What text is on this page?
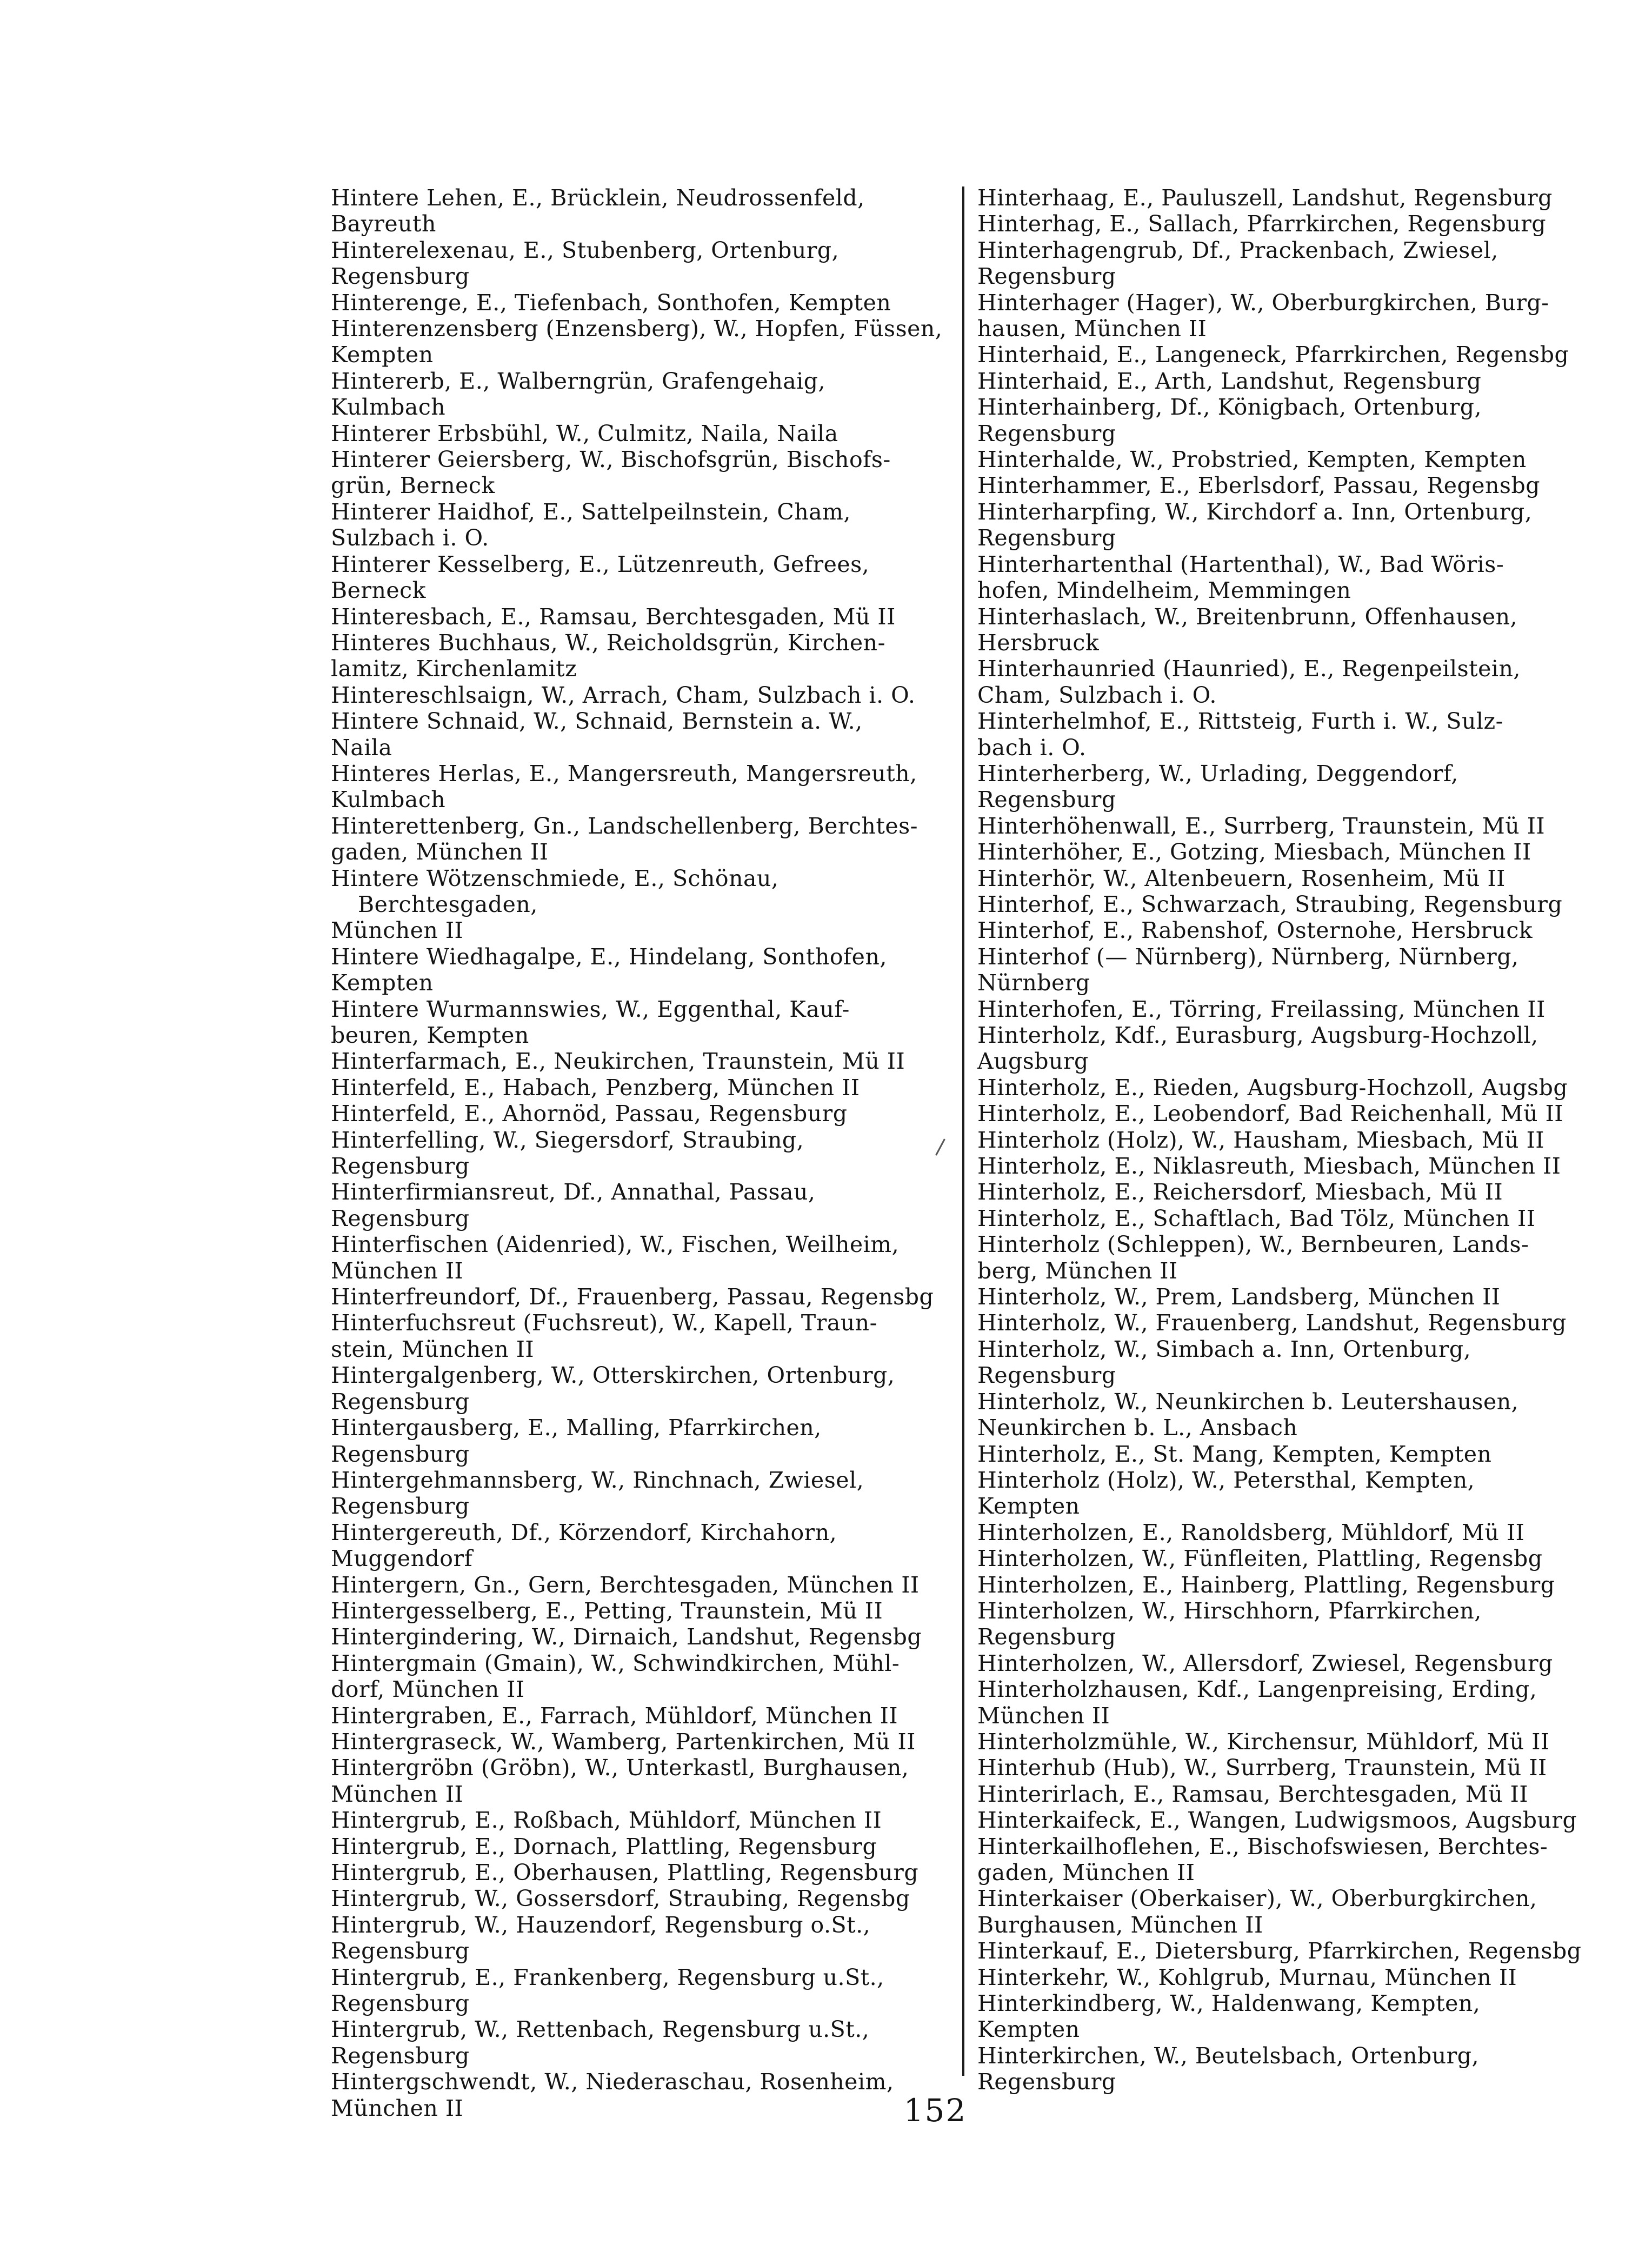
Hintere Lehen, E., Brücklein, Neudrossenfeld,
Bayreuth
Hinterelexenau, E., Stubenberg, Ortenburg,
Regensburg
Hinterenge, E., Tiefenbach, Sonthofen, Kempten
Hinterenzensberg (Enzensberg), W., Hopfen, Füssen,
Kempten
Hintererb, E., Walberngrün, Grafengehaig,
Kulmbach
Hinterer Erbsbühl, W., Culmitz, Naila, Naila
Hinterer Geiersberg, W., Bischofsgrün, Bischofs-
grün, Berneck
Hinterer Haidhof, E., Sattelpeilnstein, Cham,
Sulzbach i. O.
Hinterer Kesselberg, E., Lützenreuth, Gefrees,
Berneck
Hinteresbach, E., Ramsau, Berchtesgaden, Mü II
Hinteres Buchhaus, W., Reicholdsgrün, Kirchen-
lamitz, Kirchenlamitz
Hintereschlsaign, W., Arrach, Cham, Sulzbach i. O.
Hintere Schnaid, W., Schnaid, Bernstein a. W.,
Naila
Hinteres Herlas, E., Mangersreuth, Mangersreuth,
Kulmbach
Hinterettenberg, Gn., Landschellenberg, Berchtes-
gaden, München II
Hintere Wötzenschmiede, E., Schönau, Berchtesgaden,
München II
Hintere Wiedhagalpe, E., Hindelang, Sonthofen,
Kempten
Hintere Wurmannswies, W., Eggenthal, Kauf-
beuren, Kempten
Hinterfarmach, E., Neukirchen, Traunstein, Mü II
Hinterfeld, E., Habach, Penzberg, München II
Hinterfeld, E., Ahornöd, Passau, Regensburg
Hinterfelling, W., Siegersdorf, Straubing,
Regensburg
Hinterfirmiansreut, Df., Annathal, Passau,
Regensburg
Hinterfischen (Aidenried), W., Fischen, Weilheim,
München II
Hinterfreundorf, Df., Frauenberg, Passau, Regensbg
Hinterfuchsreut (Fuchsreut), W., Kapell, Traun-
stein, München II
Hintergalgenberg, W., Otterskirchen, Ortenburg,
Regensburg
Hintergausberg, E., Malling, Pfarrkirchen,
Regensburg
Hintergehmannsberg, W., Rinchnach, Zwiesel,
Regensburg
Hintergereuth, Df., Körzendorf, Kirchahorn,
Muggendorf
Hintergern, Gn., Gern, Berchtesgaden, München II
Hintergesselberg, E., Petting, Traunstein, Mü II
Hintergindering, W., Dirnaich, Landshut, Regensbg
Hintergmain (Gmain), W., Schwindkirchen, Mühl-
dorf, München II
Hintergraben, E., Farrach, Mühldorf, München II
Hintergraseck, W., Wamberg, Partenkirchen, Mü II
Hintergröbn (Gröbn), W., Unterkastl, Burghausen,
München II
Hintergrub, E., Roßbach, Mühldorf, München II
Hintergrub, E., Dornach, Plattling, Regensburg
Hintergrub, E., Oberhausen, Plattling, Regensburg
Hintergrub, W., Gossersdorf, Straubing, Regensbg
Hintergrub, W., Hauzendorf, Regensburg o.St.,
Regensburg
Hintergrub, E., Frankenberg, Regensburg u.St.,
Regensburg
Hintergrub, W., Rettenbach, Regensburg u.St.,
Regensburg
Hintergschwendt, W., Niederaschau, Rosenheim,
München II
Hinterhaag, E., Pauluszell, Landshut, Regensburg
Hinterhag, E., Sallach, Pfarrkirchen, Regensburg
Hinterhagengrub, Df., Prackenbach, Zwiesel,
Regensburg
Hinterhager (Hager), W., Oberburgkirchen, Burg-
hausen, München II
Hinterhaid, E., Langeneck, Pfarrkirchen, Regensbg
Hinterhaid, E., Arth, Landshut, Regensburg
Hinterhainberg, Df., Königbach, Ortenburg,
Regensburg
Hinterhalde, W., Probstried, Kempten, Kempten
Hinterhammer, E., Eberlsdorf, Passau, Regensbg
Hinterharpfing, W., Kirchdorf a. Inn, Ortenburg,
Regensburg
Hinterhartenthal (Hartenthal), W., Bad Wöris-
hofen, Mindelheim, Memmingen
Hinterhaslach, W., Breitenbrunn, Offenhausen,
Hersbruck
Hinterhaunried (Haunried), E., Regenpeilstein,
Cham, Sulzbach i. O.
Hinterhelmhof, E., Rittsteig, Furth i. W., Sulz-
bach i. O.
Hinterherberg, W., Urlading, Deggendorf,
Regensburg
Hinterhöhenwall, E., Surrberg, Traunstein, Mü II
Hinterhöher, E., Gotzing, Miesbach, München II
Hinterhör, W., Altenbeuern, Rosenheim, Mü II
Hinterhof, E., Schwarzach, Straubing, Regensburg
Hinterhof, E., Rabenshof, Osternohe, Hersbruck
Hinterhof (— Nürnberg), Nürnberg, Nürnberg,
Nürnberg
Hinterhofen, E., Törring, Freilassing, München II
Hinterholz, Kdf., Eurasburg, Augsburg-Hochzoll,
Augsburg
Hinterholz, E., Rieden, Augsburg-Hochzoll, Augsbg
Hinterholz, E., Leobendorf, Bad Reichenhall, Mü II
Hinterholz (Holz), W., Hausham, Miesbach, Mü II
Hinterholz, E., Niklasreuth, Miesbach, München II
Hinterholz, E., Reichersdorf, Miesbach, Mü II
Hinterholz, E., Schaftlach, Bad Tölz, München II
Hinterholz (Schleppen), W., Bernbeuren, Lands-
berg, München II
Hinterholz, W., Prem, Landsberg, München II
Hinterholz, W., Frauenberg, Landshut, Regensburg
Hinterholz, W., Simbach a. Inn, Ortenburg,
Regensburg
Hinterholz, W., Neunkirchen b. Leutershausen,
Neunkirchen b. L., Ansbach
Hinterholz, E., St. Mang, Kempten, Kempten
Hinterholz (Holz), W., Petersthal, Kempten,
Kempten
Hinterholzen, E., Ranoldsberg, Mühldorf, Mü II
Hinterholzen, W., Fünfleiten, Plattling, Regensbg
Hinterholzen, E., Hainberg, Plattling, Regensburg
Hinterholzen, W., Hirschhorn, Pfarrkirchen,
Regensburg
Hinterholzen, W., Allersdorf, Zwiesel, Regensburg
Hinterholzhausen, Kdf., Langenpreising, Erding,
München II
Hinterholzmühle, W., Kirchensur, Mühldorf, Mü II
Hinterhub (Hub), W., Surrberg, Traunstein, Mü II
Hinterirlach, E., Ramsau, Berchtesgaden, Mü II
Hinterkaifeck, E., Wangen, Ludwigsmoos, Augsburg
Hinterkailhoflehen, E., Bischofswiesen, Berchtes-
gaden, München II
Hinterkaiser (Oberkaiser), W., Oberburgkirchen,
Burghausen, München II
Hinterkauf, E., Dietersburg, Pfarrkirchen, Regensbg
Hinterkehr, W., Kohlgrub, Murnau, München II
Hinterkindberg, W., Haldenwang, Kempten,
Kempten
Hinterkirchen, W., Beutelsbach, Ortenburg,
Regensburg
152
